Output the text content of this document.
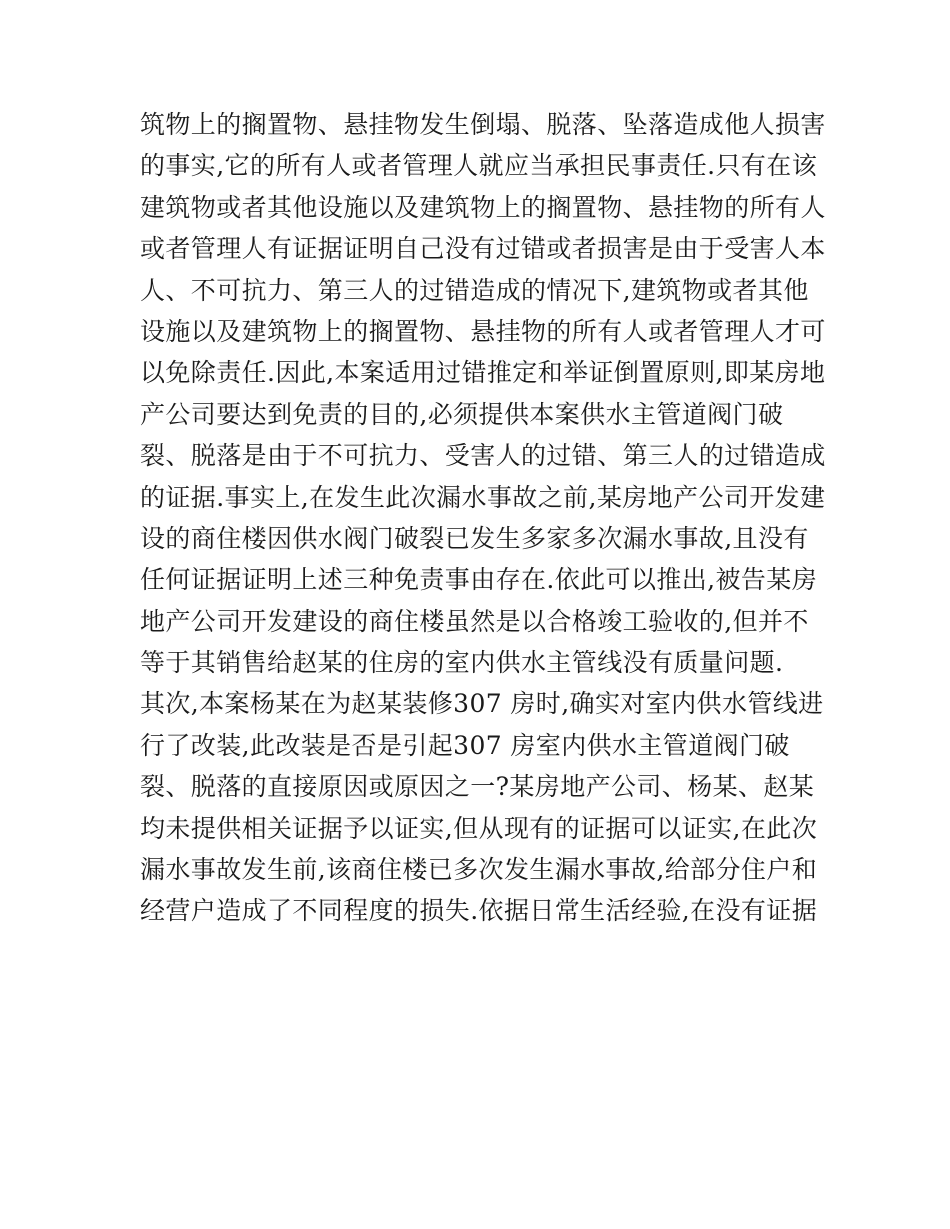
筑物上的搁置物、悬挂物发生倒塌、脱落、坠落造成他人损害
的事实,它的所有人或者管理人就应当承担民事责任.只有在该
建筑物或者其他设施以及建筑物上的搁置物、悬挂物的所有人
或者管理人有证据证明自己没有过错或者损害是由于受害人本
人、不可抗力、第三人的过错造成的情况下,建筑物或者其他
设施以及建筑物上的搁置物、悬挂物的所有人或者管理人才可
以免除责任.因此,本案适用过错推定和举证倒置原则,即某房地
产公司要达到免责的目的,必须提供本案供水主管道阀门破
裂、脱落是由于不可抗力、受害人的过错、第三人的过错造成
的证据.事实上,在发生此次漏水事故之前,某房地产公司开发建
设的商住楼因供水阀门破裂已发生多家多次漏水事故,且没有
任何证据证明上述三种免责事由存在.依此可以推出,被告某房
地产公司开发建设的商住楼虽然是以合格竣工验收的,但并不
等于其销售给赵某的住房的室内供水主管线没有质量问题.
其次,本案杨某在为赵某装修307 房时,确实对室内供水管线进
行了改装,此改装是否是引起307 房室内供水主管道阀门破
裂、脱落的直接原因或原因之一?某房地产公司、杨某、赵某
均未提供相关证据予以证实,但从现有的证据可以证实,在此次
漏水事故发生前,该商住楼已多次发生漏水事故,给部分住户和
经营户造成了不同程度的损失.依据日常生活经验,在没有证据
